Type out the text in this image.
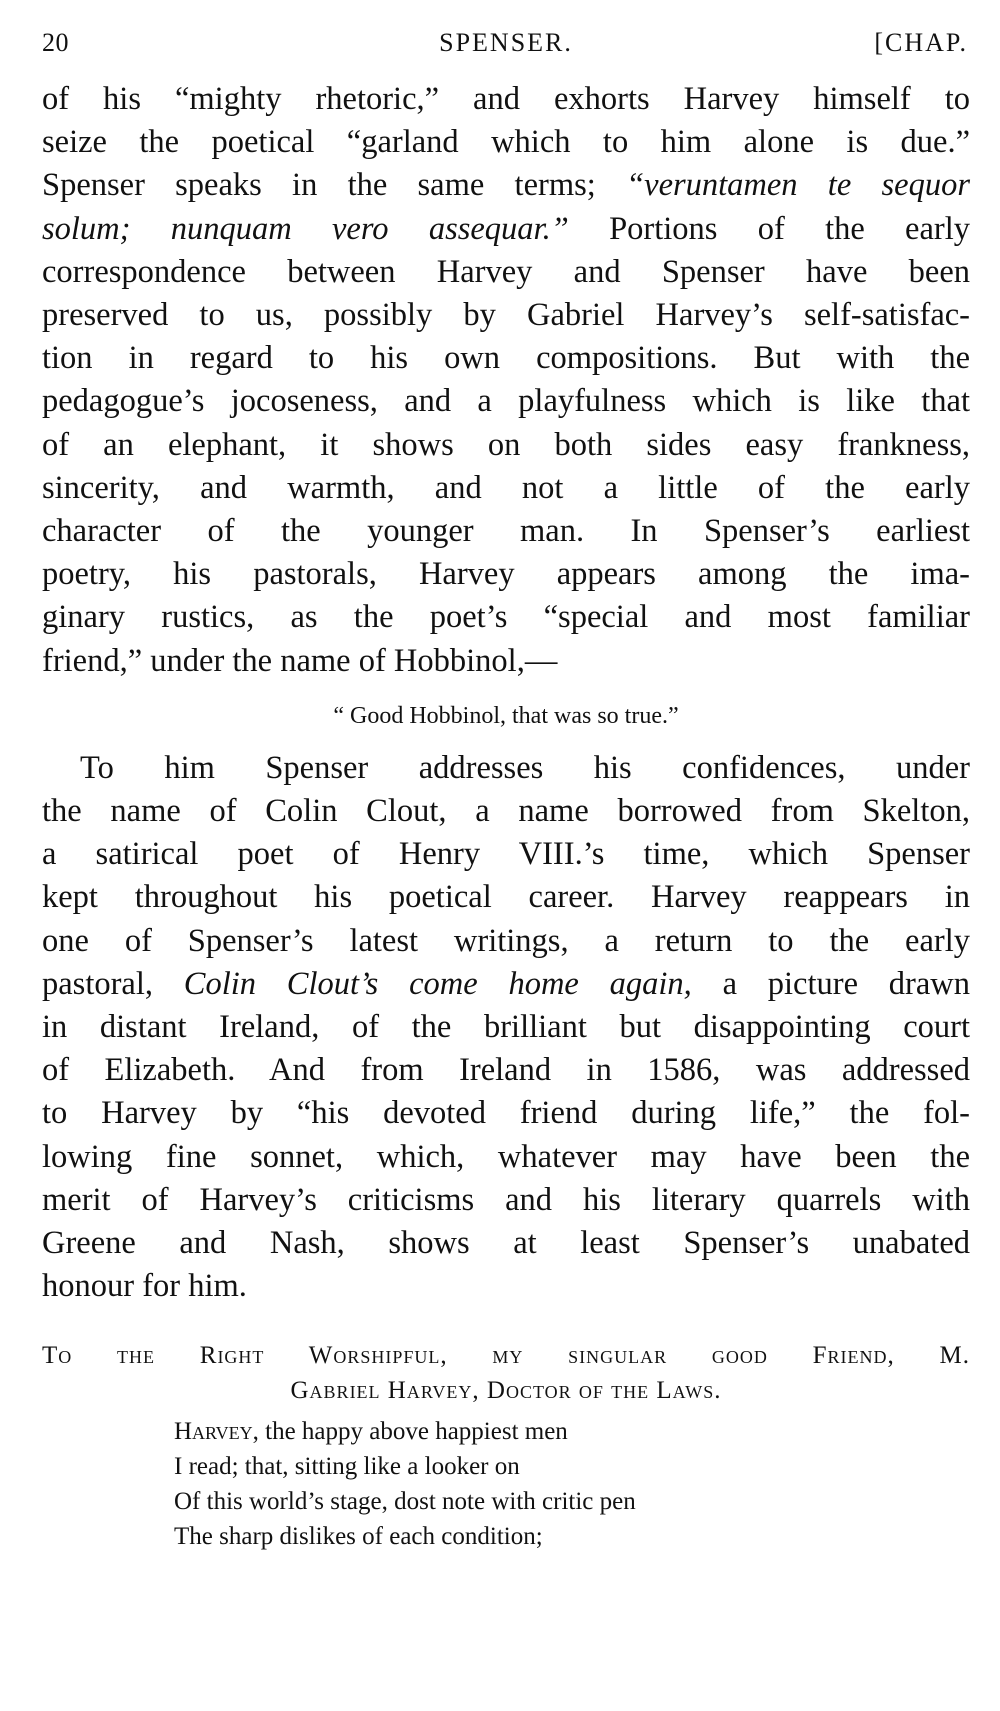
20	SPENSER.	[CHAP.
of his “mighty rhetoric,” and exhorts Harvey himself to
seize the poetical “garland which to him alone is due.”
Spenser speaks in the same terms; “veruntamen te sequor
solum; nunquam vero assequar.” Portions of the early
correspondence between Harvey and Spenser have been
preserved to us, possibly by Gabriel Harvey’s self-satisfac-
tion in regard to his own compositions. But with the
pedagogue’s jocoseness, and a playfulness which is like that
of an elephant, it shows on both sides easy frankness,
sincerity, and warmth, and not a little of the early
character of the younger man. In Spenser’s earliest
poetry, his pastorals, Harvey appears among the ima-
ginary rustics, as the poet’s “special and most familiar
friend,” under the name of Hobbinol,—
“ Good Hobbinol, that was so true.”
To him Spenser addresses his confidences, under
the name of Colin Clout, a name borrowed from Skelton,
a satirical poet of Henry VIII.’s time, which Spenser
kept throughout his poetical career. Harvey reappears in
one of Spenser’s latest writings, a return to the early
pastoral, Colin Clout’s come home again, a picture drawn
in distant Ireland, of the brilliant but disappointing court
of Elizabeth. And from Ireland in 1586, was addressed
to Harvey by “his devoted friend during life,” the fol-
lowing fine sonnet, which, whatever may have been the
merit of Harvey’s criticisms and his literary quarrels with
Greene and Nash, shows at least Spenser’s unabated
honour for him.
To the Right Worshipful, my singular good Friend, M.
Gabriel Harvey, Doctor of the Laws.
Harvey, the happy above happiest men
I read; that, sitting like a looker on
Of this world’s stage, dost note with critic pen
The sharp dislikes of each condition;
